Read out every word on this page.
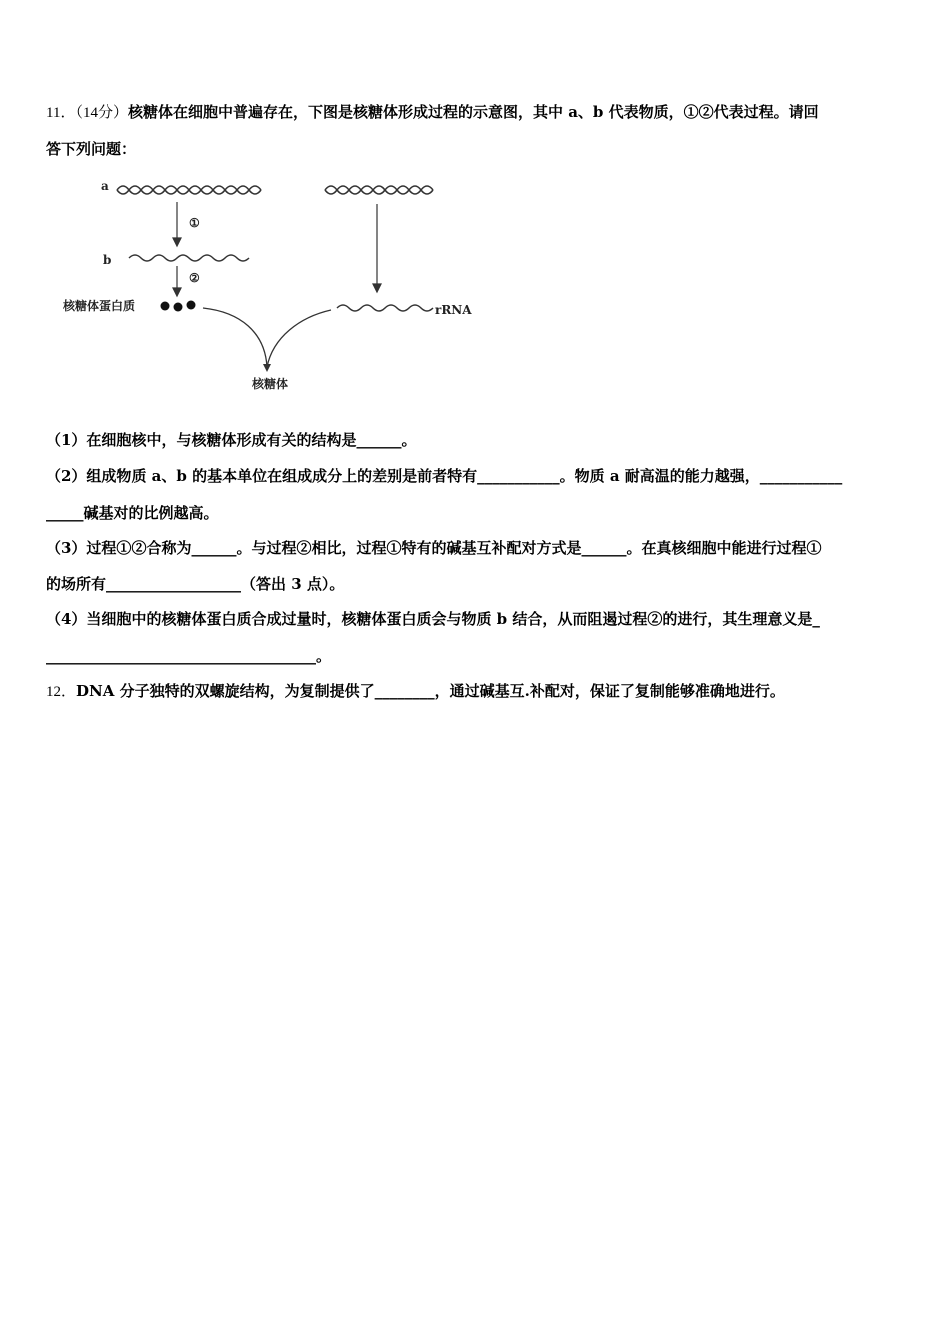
11．（14分）核糖体在细胞中普遍存在，下图是核糖体形成过程的示意图，其中 a、b 代表物质，①②代表过程。请回
答下列问题：
a
①
b
②
核糖体蛋白质	rRNA
核糖体
（1）在细胞核中，与核糖体形成有关的结构是______。
（2）组成物质 a、b 的基本单位在组成成分上的差别是前者特有___________。物质 a 耐高温的能力越强，___________
_____碱基对的比例越高。
（3）过程①②合称为______。与过程②相比，过程①特有的碱基互补配对方式是______。在真核细胞中能进行过程①
的场所有__________________（答出 3 点）。
（4）当细胞中的核糖体蛋白质合成过量时，核糖体蛋白质会与物质 b 结合，从而阻遏过程②的进行，其生理意义是_
____________________________________。
12．DNA 分子独特的双螺旋结构，为复制提供了________，通过碱基互.补配对，保证了复制能够准确地进行。
